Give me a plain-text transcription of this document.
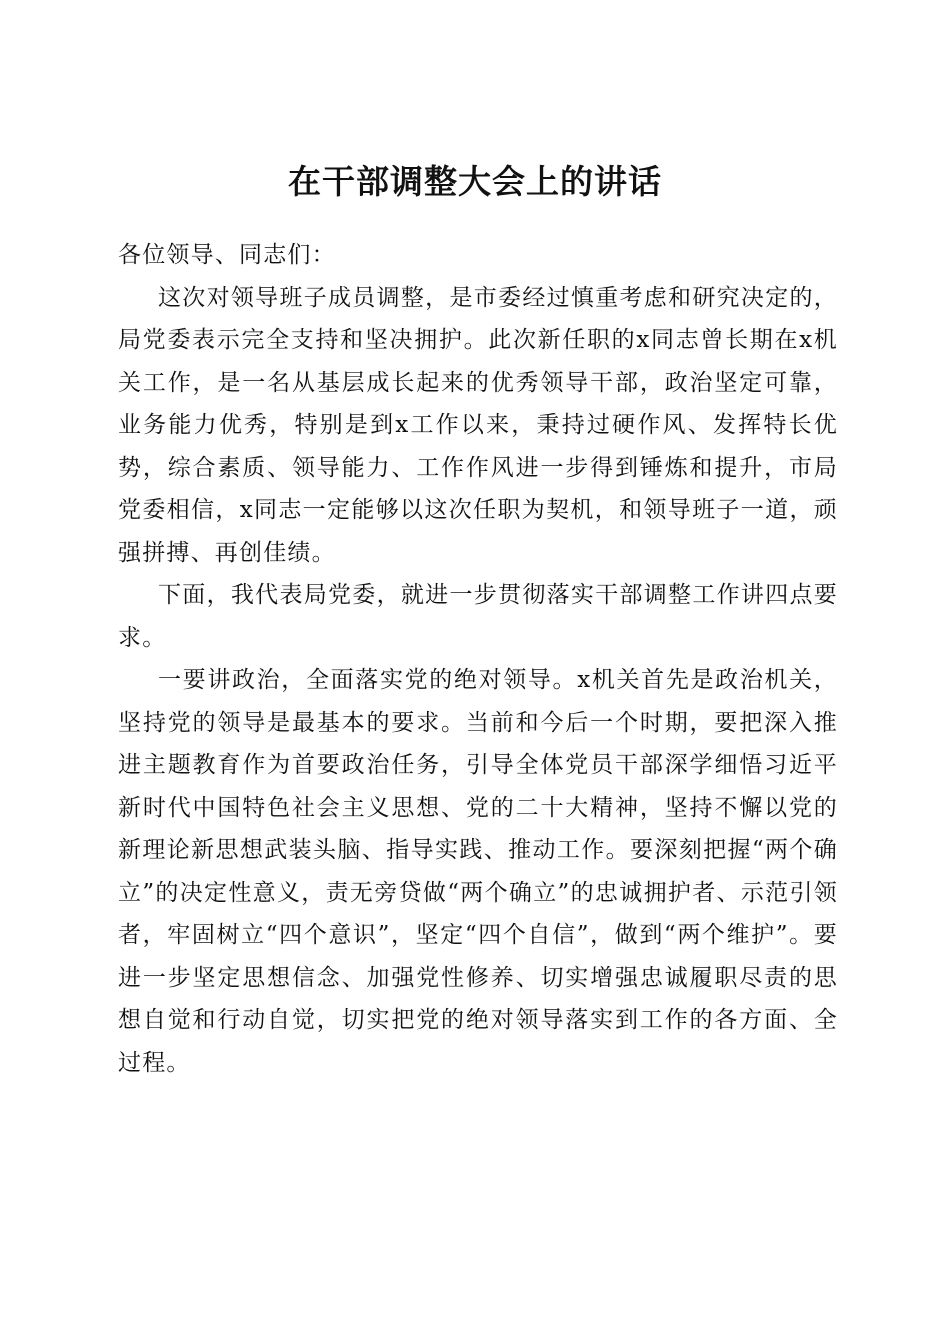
在干部调整大会上的讲话

各位领导、同志们：

这次对领导班子成员调整，是市委经过慎重考虑和研究决定的，局党委表示完全支持和坚决拥护。此次新任职的x同志曾长期在x机关工作，是一名从基层成长起来的优秀领导干部，政治坚定可靠，业务能力优秀，特别是到x工作以来，秉持过硬作风、发挥特长优势，综合素质、领导能力、工作作风进一步得到锤炼和提升，市局党委相信，x同志一定能够以这次任职为契机，和领导班子一道，顽强拼搏、再创佳绩。

下面，我代表局党委，就进一步贯彻落实干部调整工作讲四点要求。

一要讲政治，全面落实党的绝对领导。x机关首先是政治机关，坚持党的领导是最基本的要求。当前和今后一个时期，要把深入推进主题教育作为首要政治任务，引导全体党员干部深学细悟习近平新时代中国特色社会主义思想、党的二十大精神，坚持不懈以党的新理论新思想武装头脑、指导实践、推动工作。要深刻把握“两个确立”的决定性意义，责无旁贷做“两个确立”的忠诚拥护者、示范引领者，牢固树立“四个意识”，坚定“四个自信”，做到“两个维护”。要进一步坚定思想信念、加强党性修养、切实增强忠诚履职尽责的思想自觉和行动自觉，切实把党的绝对领导落实到工作的各方面、全过程。
